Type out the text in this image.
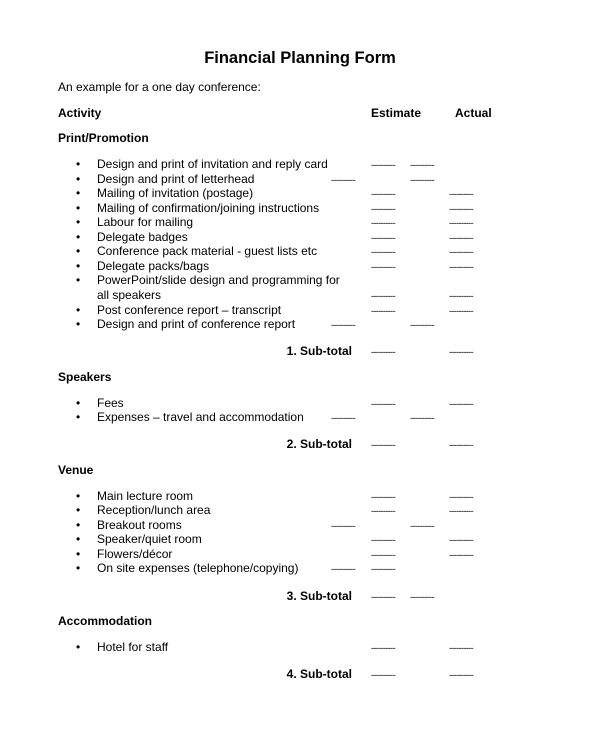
Financial Planning Form
An example for a one day conference:
Activity	Estimate	Actual
Print/Promotion
• Design and print of invitation and reply card	---------- ----------
• Design and print of letterhead	----------	----------
• Mailing of invitation (postage)	----------	----------
• Mailing of confirmation/joining instructions	----------	----------
• Labour for mailing	----------	----------
• Delegate badges	----------	----------
• Conference pack material - guest lists etc	----------	----------
• Delegate packs/bags	----------	----------
• PowerPoint/slide design and programming for
all speakers	----------	----------
• Post conference report – transcript	----------	----------
• Design and print of conference report	----------	----------
1. Sub-total ----------	----------
Speakers
• Fees	----------	----------
• Expenses – travel and accommodation	----------	----------
2. Sub-total ----------	----------
Venue
• Main lecture room	----------	----------
• Reception/lunch area	----------	----------
• Breakout rooms	----------	----------
• Speaker/quiet room	----------	----------
• Flowers/décor	----------	----------
• On site expenses (telephone/copying)	---------- ----------
3. Sub-total ---------- ----------
Accommodation
• Hotel for staff	----------	----------
4. Sub-total ----------	----------
